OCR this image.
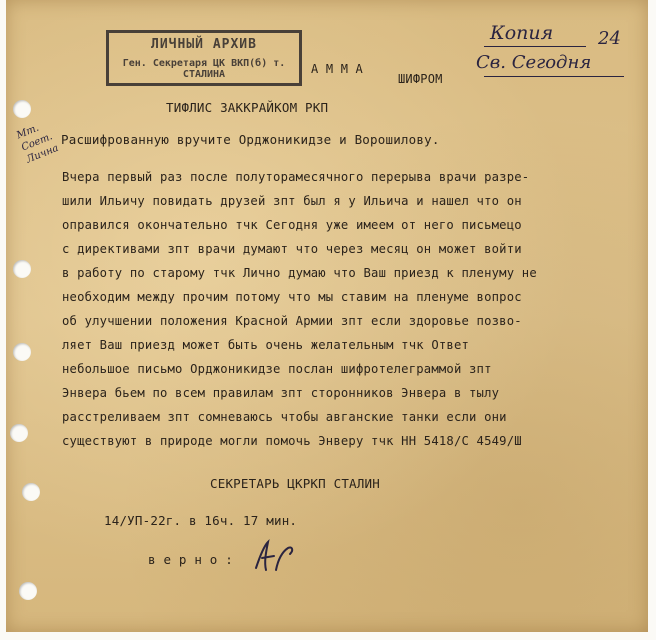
ЛИЧНЫЙ АРХИВ
Ген. Секретаря ЦК ВКП(б) т. СТАЛИНА	А М М А
ШИФРОМ
Копия 24
Св. Сегодня
Мт. Соет. Лична
ТИФЛИС ЗАККРАЙКОМ РКП
Расшифрованную вручите Орджоникидзе и Ворошилову.
Вчера первый раз после полуторамесячного перерыва врачи разре-
шили Ильичу повидать друзей зпт был я у Ильича и нашел что он
оправился окончательно тчк Сегодня уже имеем от него письмецо
с директивами зпт врачи думают что через месяц он может войти
в работу по старому тчк Лично думаю что Ваш приезд к пленуму не
необходим между прочим потому что мы ставим на пленуме вопрос
об улучшении положения Красной Армии зпт если здоровье позво-
ляет Ваш приезд может быть очень желательным тчк Ответ
небольшое письмо Орджоникидзе послан шифротелеграммой зпт
Энвера бьем по всем правилам зпт сторонников Энвера в тылу
расстреливаем зпт сомневаюсь чтобы авганские танки если они
существуют в природе могли помочь Энверу тчк НН 5418/С 4549/Ш
СЕКРЕТАРЬ ЦКРКП СТАЛИН
14/УП-22г. в 16ч. 17 мин.
в е р н о :
